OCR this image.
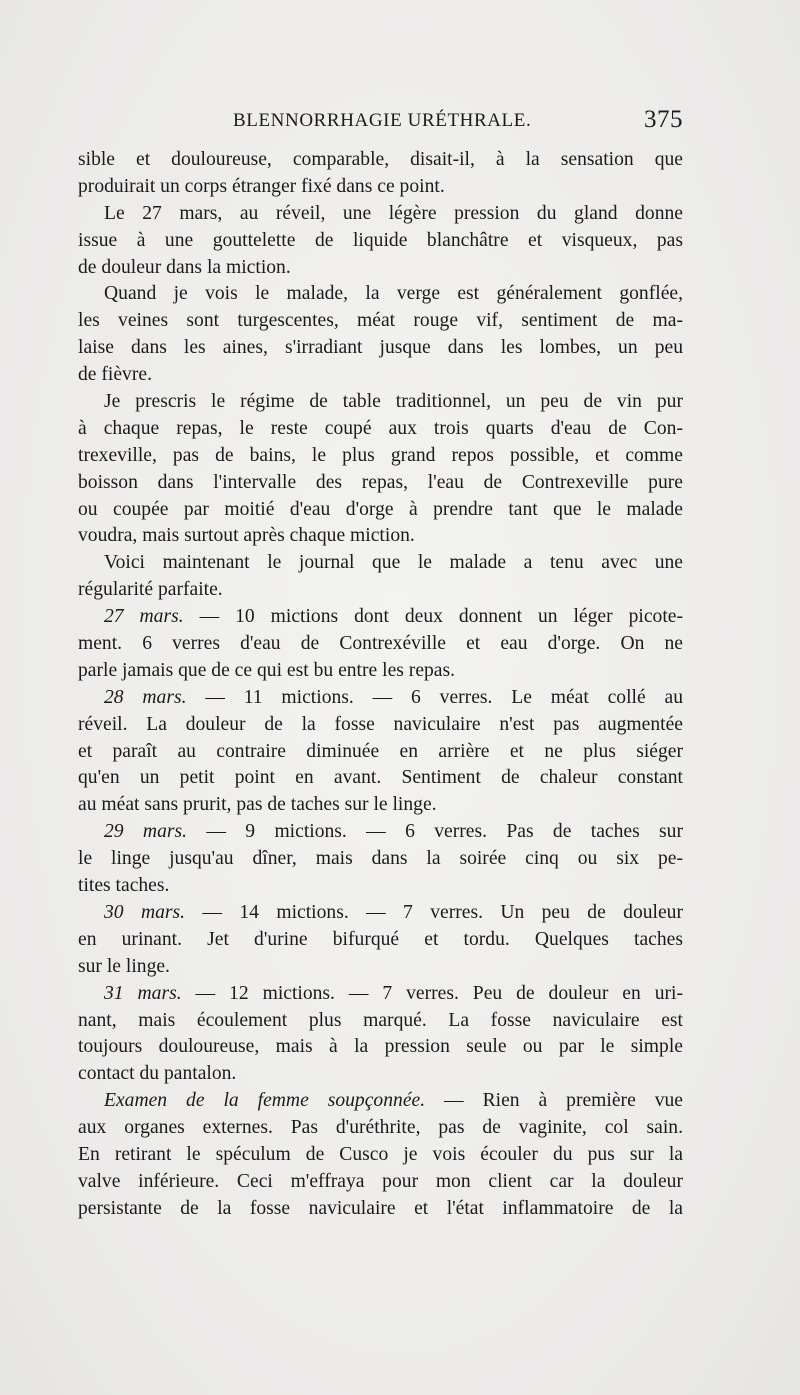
BLENNORRHAGIE URÉTHRALE.	375
sible et douloureuse, comparable, disait-il, à la sensation que
produirait un corps étranger fixé dans ce point.
Le 27 mars, au réveil, une légère pression du gland donne
issue à une gouttelette de liquide blanchâtre et visqueux, pas
de douleur dans la miction.
Quand je vois le malade, la verge est généralement gonflée,
les veines sont turgescentes, méat rouge vif, sentiment de ma-
laise dans les aines, s'irradiant jusque dans les lombes, un peu
de fièvre.
Je prescris le régime de table traditionnel, un peu de vin pur
à chaque repas, le reste coupé aux trois quarts d'eau de Con-
trexeville, pas de bains, le plus grand repos possible, et comme
boisson dans l'intervalle des repas, l'eau de Contrexeville pure
ou coupée par moitié d'eau d'orge à prendre tant que le malade
voudra, mais surtout après chaque miction.
Voici maintenant le journal que le malade a tenu avec une
régularité parfaite.
27 mars. — 10 mictions dont deux donnent un léger picote-
ment. 6 verres d'eau de Contrexéville et eau d'orge. On ne
parle jamais que de ce qui est bu entre les repas.
28 mars. — 11 mictions. — 6 verres. Le méat collé au
réveil. La douleur de la fosse naviculaire n'est pas augmentée
et paraît au contraire diminuée en arrière et ne plus siéger
qu'en un petit point en avant. Sentiment de chaleur constant
au méat sans prurit, pas de taches sur le linge.
29 mars. — 9 mictions. — 6 verres. Pas de taches sur
le linge jusqu'au dîner, mais dans la soirée cinq ou six pe-
tites taches.
30 mars. — 14 mictions. — 7 verres. Un peu de douleur
en urinant. Jet d'urine bifurqué et tordu. Quelques taches
sur le linge.
31 mars. — 12 mictions. — 7 verres. Peu de douleur en uri-
nant, mais écoulement plus marqué. La fosse naviculaire est
toujours douloureuse, mais à la pression seule ou par le simple
contact du pantalon.
Examen de la femme soupçonnée. — Rien à première vue
aux organes externes. Pas d'uréthrite, pas de vaginite, col sain.
En retirant le spéculum de Cusco je vois écouler du pus sur la
valve inférieure. Ceci m'effraya pour mon client car la douleur
persistante de la fosse naviculaire et l'état inflammatoire de la
